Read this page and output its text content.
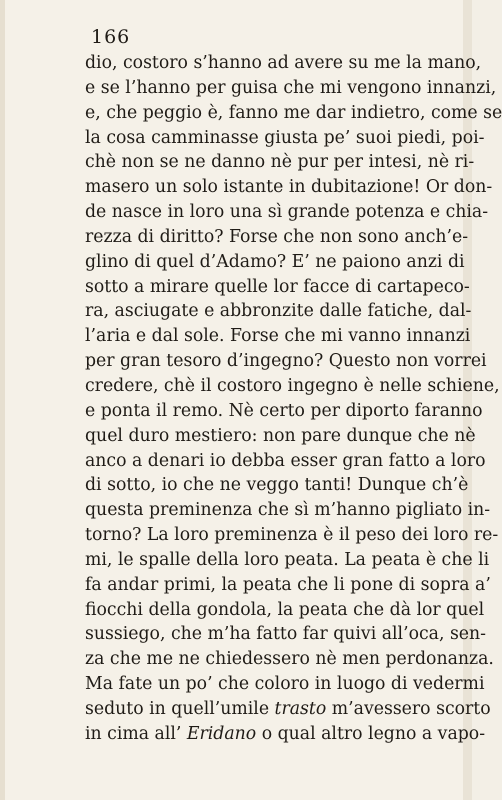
166
dio, costoro s’hanno ad avere su me la mano,
e se l’hanno per guisa che mi vengono innanzi,
e, che peggio è, fanno me dar indietro, come se
la cosa camminasse giusta pe’ suoi piedi, poi-
chè non se ne danno nè pur per intesi, nè ri-
masero un solo istante in dubitazione! Or don-
de nasce in loro una sì grande potenza e chia-
rezza di diritto? Forse che non sono anch’e-
glino di quel d’Adamo? E’ ne paiono anzi di
sotto a mirare quelle lor facce di cartapeco-
ra, asciugate e abbronzite dalle fatiche, dal-
l’aria e dal sole. Forse che mi vanno innanzi
per gran tesoro d’ingegno? Questo non vorrei
credere, chè il costoro ingegno è nelle schiene,
e ponta il remo. Nè certo per diporto faranno
quel duro mestiero: non pare dunque che nè
anco a denari io debba esser gran fatto a loro
di sotto, io che ne veggo tanti! Dunque ch’è
questa preminenza che sì m’hanno pigliato in-
torno? La loro preminenza è il peso dei loro re-
mi, le spalle della loro peata. La peata è che li
fa andar primi, la peata che li pone di sopra a’
fiocchi della gondola, la peata che dà lor quel
sussiego, che m’ha fatto far quivi all’oca, sen-
za che me ne chiedessero nè men perdonanza.
Ma fate un po’ che coloro in luogo di vedermi
seduto in quell’umile trasto m’avessero scorto
in cima all’ Eridano o qual altro legno a vapo-
